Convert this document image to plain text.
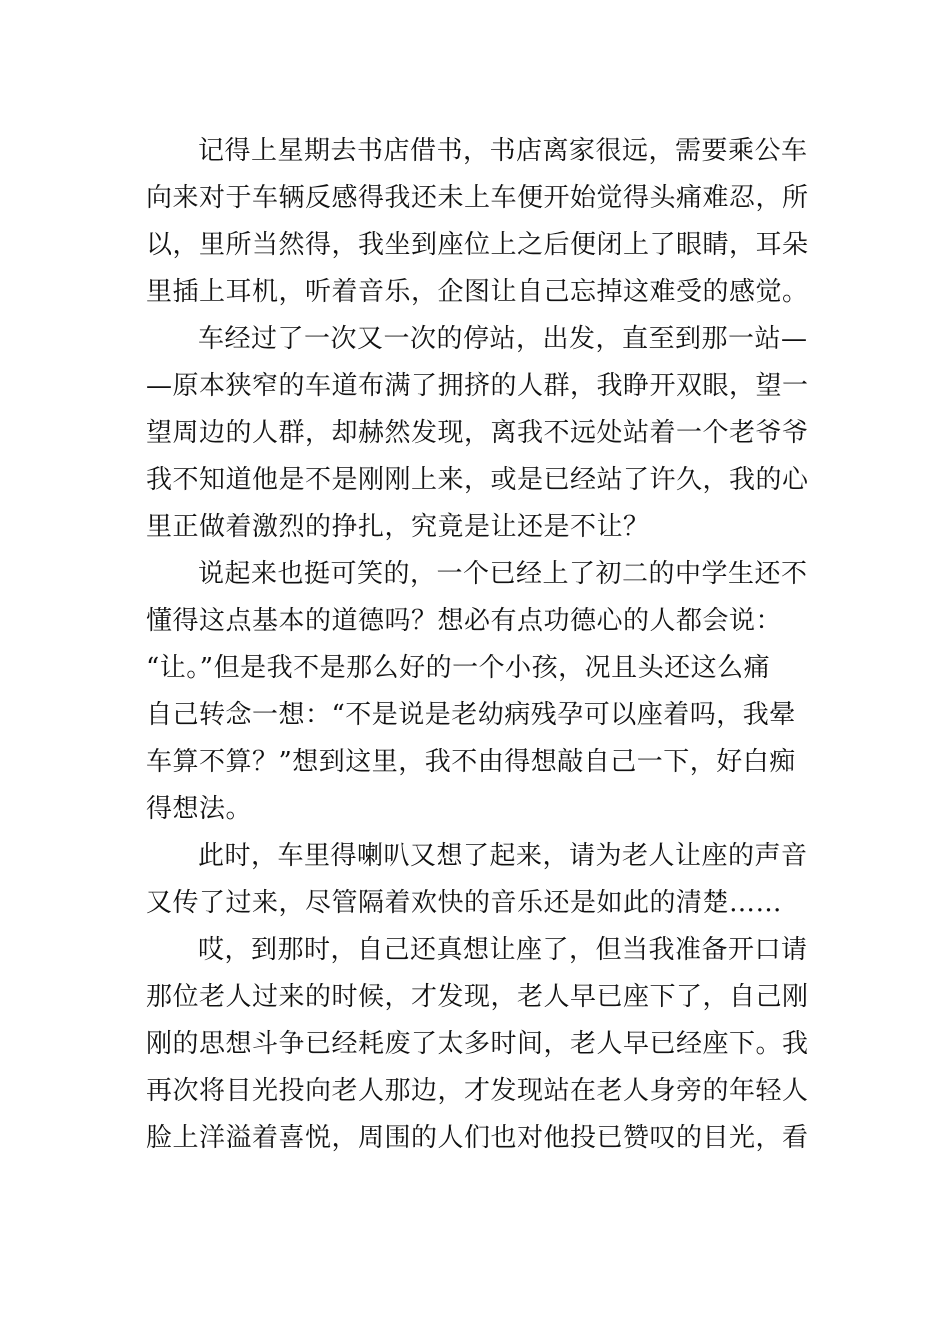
记得上星期去书店借书，书店离家很远，需要乘公车
向来对于车辆反感得我还未上车便开始觉得头痛难忍，所
以，里所当然得，我坐到座位上之后便闭上了眼睛，耳朵
里插上耳机，听着音乐，企图让自己忘掉这难受的感觉。
车经过了一次又一次的停站，出发，直至到那一站—
—原本狭窄的车道布满了拥挤的人群，我睁开双眼，望一
望周边的人群，却赫然发现，离我不远处站着一个老爷爷
我不知道他是不是刚刚上来，或是已经站了许久，我的心
里正做着激烈的挣扎，究竟是让还是不让？
说起来也挺可笑的，一个已经上了初二的中学生还不
懂得这点基本的道德吗？想必有点功德心的人都会说：
“让。”但是我不是那么好的一个小孩，况且头还这么痛
自己转念一想：“不是说是老幼病残孕可以座着吗，我晕
车算不算？”想到这里，我不由得想敲自己一下，好白痴
得想法。
此时，车里得喇叭又想了起来，请为老人让座的声音
又传了过来，尽管隔着欢快的音乐还是如此的清楚……
哎，到那时，自己还真想让座了，但当我准备开口请
那位老人过来的时候，才发现，老人早已座下了，自己刚
刚的思想斗争已经耗废了太多时间，老人早已经座下。我
再次将目光投向老人那边，才发现站在老人身旁的年轻人
脸上洋溢着喜悦，周围的人们也对他投已赞叹的目光，看
